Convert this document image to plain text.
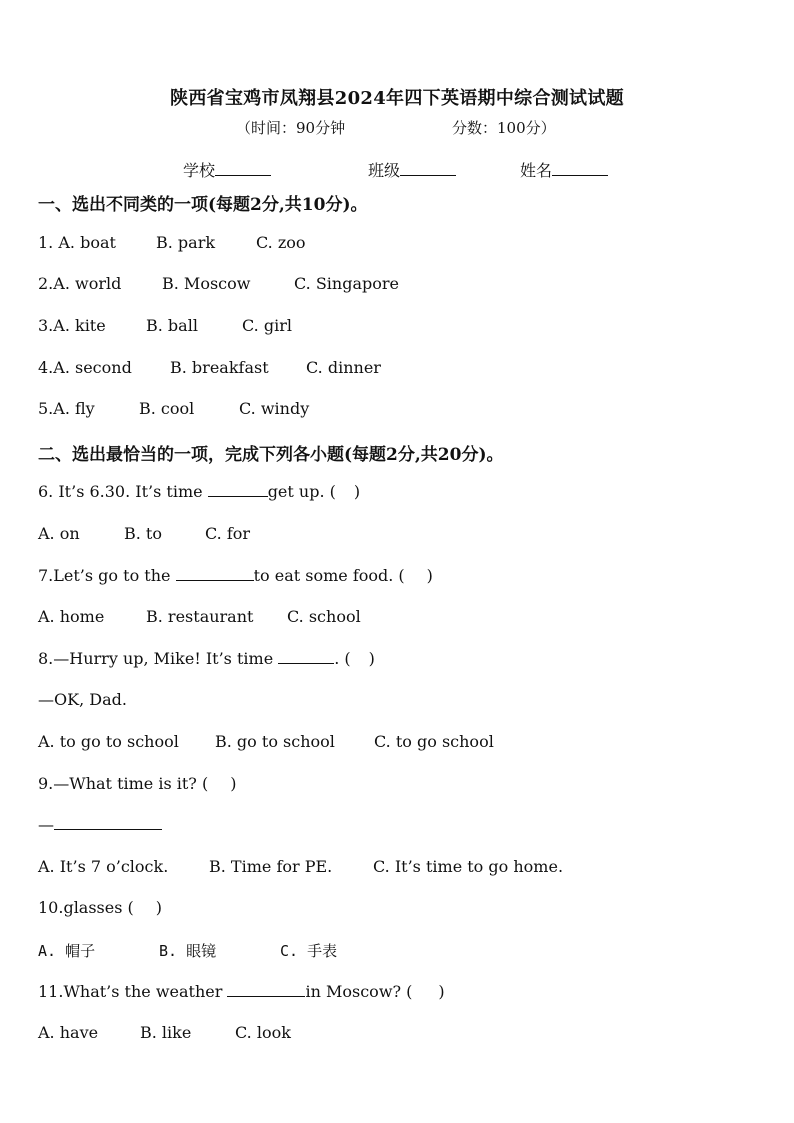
陕西省宝鸡市凤翔县2024年四下英语期中综合测试试题
（时间：90分钟	分数：100分）
学校	班级	姓名
一、选出不同类的一项(每题2分,共10分)。
1. A. boat	B. park	C. zoo
2.A. world	B. Moscow	C. Singapore
3.A. kite	B. ball	C. girl
4.A. second B. breakfast C. dinner
5.A. fly	B. cool	C. windy
二、选出最恰当的一项，完成下列各小题(每题2分,共20分)。
6. It’s 6.30. It’s time	get up. ( )
A. on	B. to	C. for
7.Let’s go to the	to eat some food. ( )
A. home	B. restaurant C. school
8.—Hurry up, Mike! It’s time	. ( )
—OK, Dad.
A. to go to school B. go to school C. to go school
9.—What time is it? ( )
—
A. It’s 7 o’clock.	B. Time for PE.	C. It’s time to go home.
10.glasses ( )
A. 帽子	B. 眼镜	C. 手表
11.What’s the weather	in Moscow? ( )
A. have	B. like	C. look
